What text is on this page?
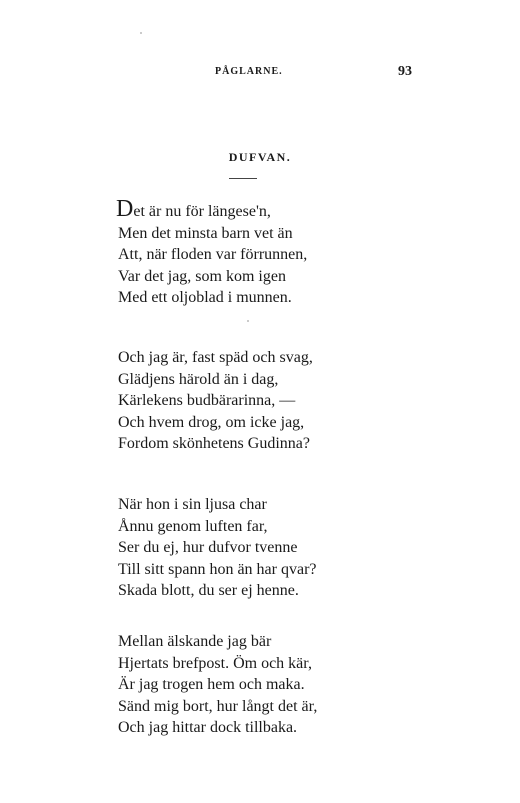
PÅGLARNE.	93
DUFVAN.
Det är nu för längese'n,
Men det minsta barn vet än
Att, när floden var förrunnen,
Var det jag, som kom igen
Med ett oljoblad i munnen.
Och jag är, fast späd och svag,
Glädjens härold än i dag,
Kärlekens budbärarinna, —
Och hvem drog, om icke jag,
Fordom skönhetens Gudinna?
När hon i sin ljusa char
Ånnu genom luften far,
Ser du ej, hur dufvor tvenne
Till sitt spann hon än har qvar?
Skada blott, du ser ej henne.
Mellan älskande jag bär
Hjertats brefpost. Öm och kär,
Är jag trogen hem och maka.
Sänd mig bort, hur långt det är,
Och jag hittar dock tillbaka.
